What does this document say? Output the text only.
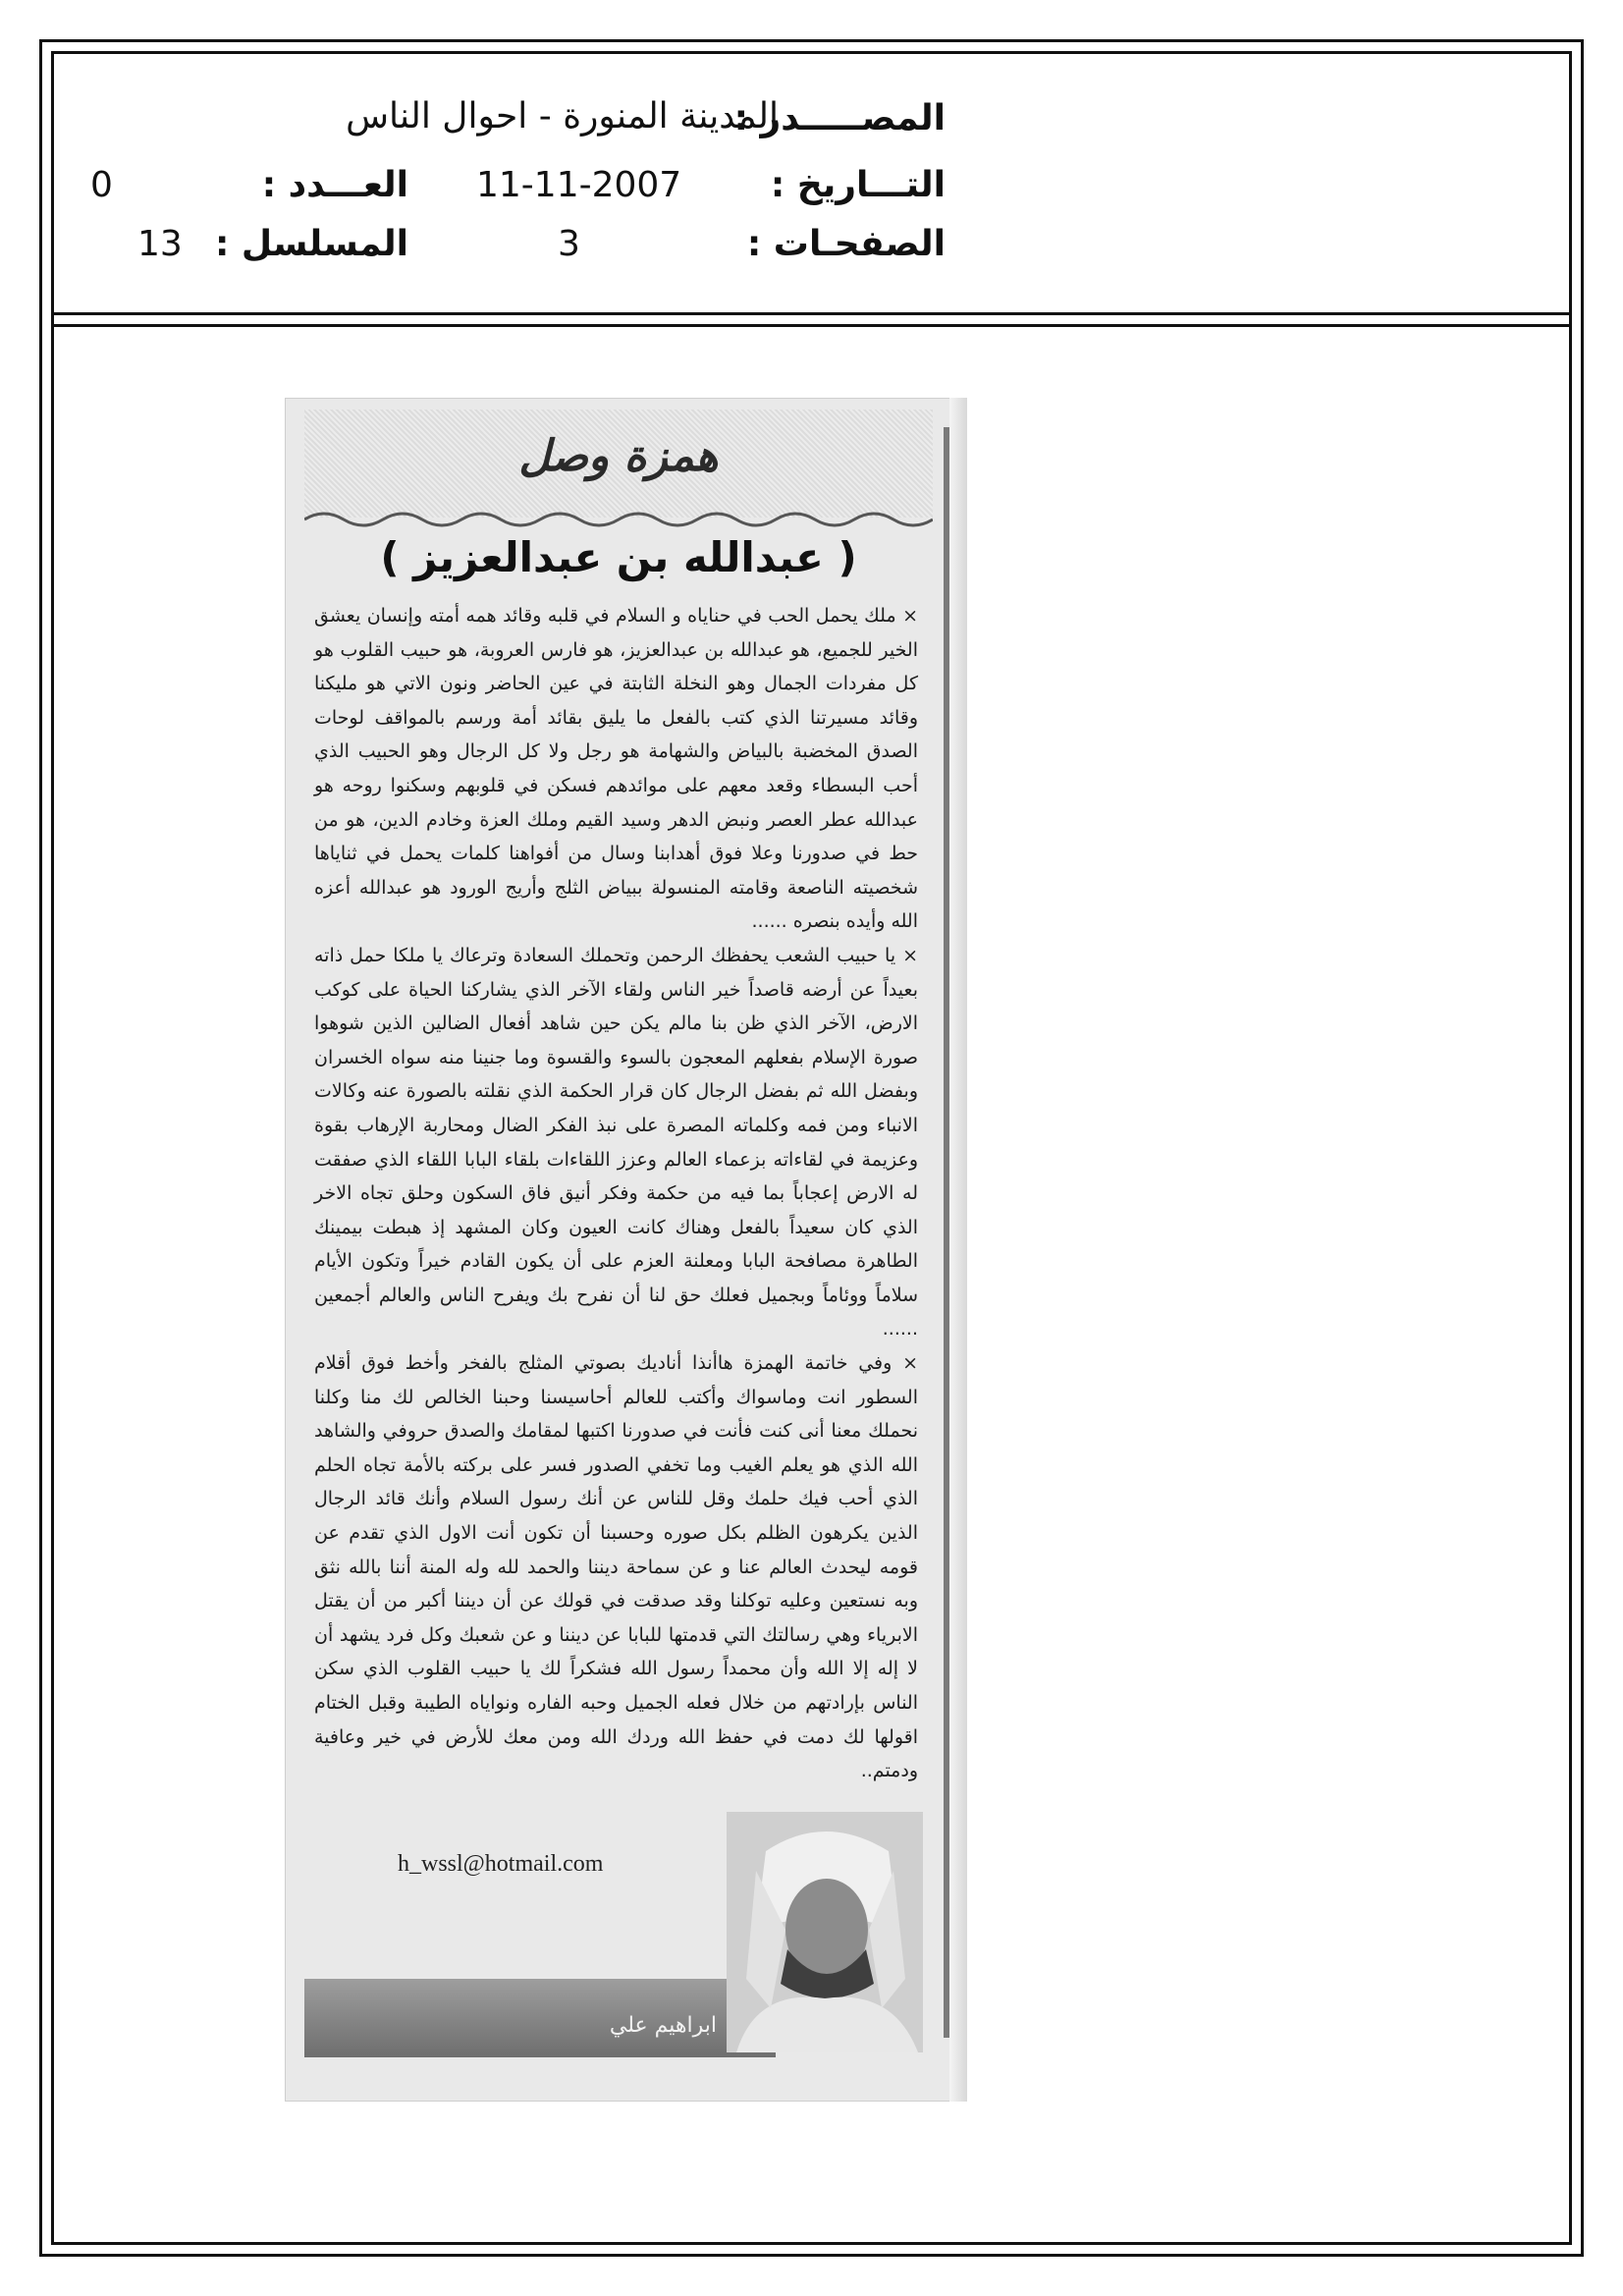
المصـــــدر :
المدينة المنورة - احوال الناس
التـــاريخ :
11-11-2007
العـــدد :
0
الصفحـات :
3
المسلسل :
13
همزة وصل
( عبدالله بن عبدالعزيز )

× ملك يحمل الحب في حناياه و السلام في قلبه وقائد همه أمته وإنسان يعشق الخير للجميع، هو عبدالله بن عبدالعزيز، هو فارس العروبة، هو حبيب القلوب هو كل مفردات الجمال وهو النخلة الثابتة في عين الحاضر ونون الاتي هو مليكنا وقائد مسيرتنا الذي كتب بالفعل ما يليق بقائد أمة ورسم بالمواقف لوحات الصدق المخضبة بالبياض والشهامة هو رجل ولا كل الرجال وهو الحبيب الذي أحب البسطاء وقعد معهم على موائدهم فسكن في قلوبهم وسكنوا روحه هو عبدالله عطر العصر ونبض الدهر وسيد القيم وملك العزة وخادم الدين، هو من حط في صدورنا وعلا فوق أهدابنا وسال من أفواهنا كلمات يحمل في ثناياها شخصيته الناصعة وقامته المنسولة ببياض الثلج وأريج الورود هو عبدالله أعزه الله وأيده بنصره ......

× يا حبيب الشعب يحفظك الرحمن وتحملك السعادة وترعاك يا ملكا حمل ذاته بعيداً عن أرضه قاصداً خير الناس ولقاء الآخر الذي يشاركنا الحياة على كوكب الارض، الآخر الذي ظن بنا مالم يكن حين شاهد أفعال الضالين الذين شوهوا صورة الإسلام بفعلهم المعجون بالسوء والقسوة وما جنينا منه سواه الخسران وبفضل الله ثم بفضل الرجال كان قرار الحكمة الذي نقلته بالصورة عنه وكالات الانباء ومن فمه وكلماته المصرة على نبذ الفكر الضال ومحاربة الإرهاب بقوة وعزيمة في لقاءاته بزعماء العالم وعزز اللقاءات بلقاء البابا اللقاء الذي صفقت له الارض إعجاباً بما فيه من حكمة وفكر أنيق فاق السكون وحلق تجاه الاخر الذي كان سعيداً بالفعل وهناك كانت العيون وكان المشهد إذ هبطت بيمينك الطاهرة مصافحة البابا ومعلنة العزم على أن يكون القادم خيراً وتكون الأيام سلاماً ووئاماً وبجميل فعلك حق لنا أن نفرح بك ويفرح الناس والعالم أجمعين ......

× وفي خاتمة الهمزة هاأنذا أناديك بصوتي المثلج بالفخر وأخط فوق أقلام السطور انت وماسواك وأكتب للعالم أحاسيسنا وحبنا الخالص لك منا وكلنا نحملك معنا أنى كنت فأنت في صدورنا اكتبها لمقامك والصدق حروفي والشاهد الله الذي هو يعلم الغيب وما تخفي الصدور فسر على بركته بالأمة تجاه الحلم الذي أحب فيك حلمك وقل للناس عن أنك رسول السلام وأنك قائد الرجال الذين يكرهون الظلم بكل صوره وحسبنا أن تكون أنت الاول الذي تقدم عن قومه ليحدث العالم عنا و عن سماحة ديننا والحمد لله وله المنة أننا بالله نثق وبه نستعين وعليه توكلنا وقد صدقت في قولك عن أن ديننا أكبر من أن يقتل الابرياء وهي رسالتك التي قدمتها للبابا عن ديننا و عن شعبك وكل فرد يشهد أن لا إله إلا الله وأن محمداً رسول الله فشكراً لك يا حبيب القلوب الذي سكن الناس بإرادتهم من خلال فعله الجميل وحبه الفاره ونواياه الطيبة وقبل الختام اقولها لك دمت في حفظ الله وردك الله ومن معك للأرض في خير وعافية ودمتم..

ابراهيم علي
h_wssl@hotmail.com
